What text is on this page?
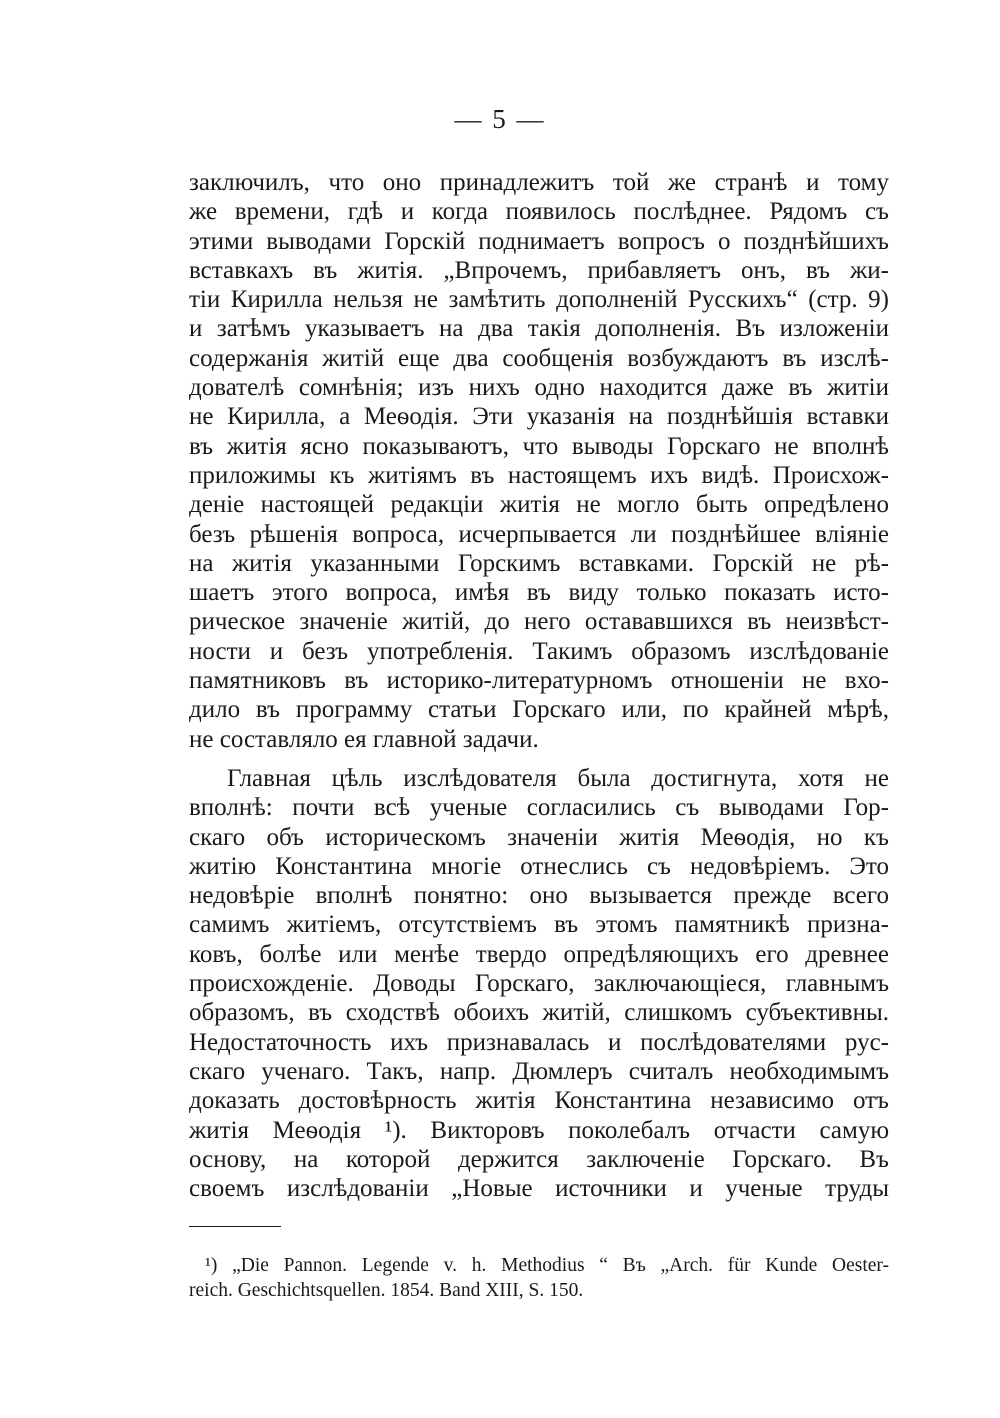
— 5 —
заключилъ, что оно принадлежитъ той же странѣ и тому
же времени, гдѣ и когда появилось послѣднее. Рядомъ съ
этими выводами Горскій поднимаетъ вопросъ о позднѣйшихъ
вставкахъ въ житія. „Впрочемъ, прибавляетъ онъ, въ жи-
тіи Кирилла нельзя не замѣтить дополненій Русскихъ“ (стр. 9)
и затѣмъ указываетъ на два такія дополненія. Въ изложеніи
содержанія житій еще два сообщенія возбуждаютъ въ изслѣ-
дователѣ сомнѣнія; изъ нихъ одно находится даже въ житіи
не Кирилла, а Меѳодія. Эти указанія на позднѣйшія вставки
въ житія ясно показываютъ, что выводы Горскаго не вполнѣ
приложимы къ житіямъ въ настоящемъ ихъ видѣ. Происхож-
деніе настоящей редакціи житія не могло быть опредѣлено
безъ рѣшенія вопроса, исчерпывается ли позднѣйшее вліяніе
на житія указанными Горскимъ вставками. Горскій не рѣ-
шаетъ этого вопроса, имѣя въ виду только показать исто-
рическое значеніе житій, до него остававшихся въ неизвѣст-
ности и безъ употребленія. Такимъ образомъ изслѣдованіе
памятниковъ въ историко-литературномъ отношеніи не вхо-
дило въ программу статьи Горскаго или, по крайней мѣрѣ,
не составляло ея главной задачи.
Главная цѣль изслѣдователя была достигнута, хотя не
вполнѣ: почти всѣ ученые согласились съ выводами Гор-
скаго объ историческомъ значеніи житія Меѳодія, но къ
житію Константина многіе отнеслись съ недовѣріемъ. Это
недовѣріе вполнѣ понятно: оно вызывается прежде всего
самимъ житіемъ, отсутствіемъ въ этомъ памятникѣ призна-
ковъ, болѣе или менѣе твердо опредѣляющихъ его древнее
происхожденіе. Доводы Горскаго, заключающіеся, главнымъ
образомъ, въ сходствѣ обоихъ житій, слишкомъ субъективны.
Недостаточность ихъ признавалась и послѣдователями рус-
скаго ученаго. Такъ, напр. Дюмлеръ считалъ необходимымъ
доказать достовѣрность житія Константина независимо отъ
житія Меѳодія ¹). Викторовъ поколебалъ отчасти самую
основу, на которой держится заключеніе Горскаго. Въ
своемъ изслѣдованіи „Новые источники и ученые труды
¹) „Die Pannon. Legende v. h. Methodius “ Въ „Arch. für Kunde Oester-
reich. Geschichtsquellen. 1854. Band XIII, S. 150.
